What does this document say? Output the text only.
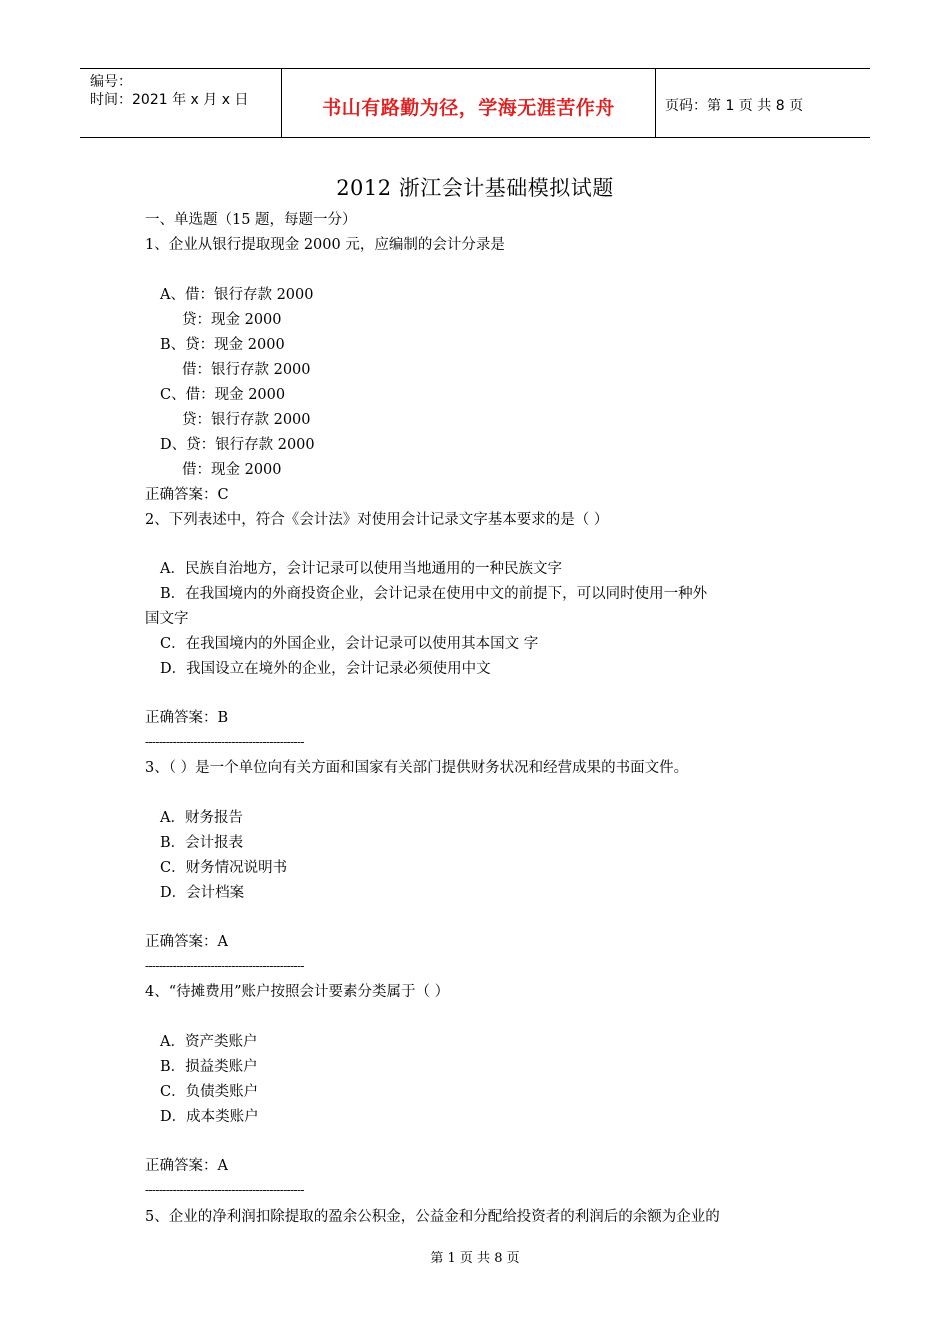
编号：
时间：2021 年 x 月 x 日	书山有路勤为径，学海无涯苦作舟	页码：第 1 页 共 8 页
2012 浙江会计基础模拟试题
一、单选题（15 题，每题一分）
1、企业从银行提取现金 2000 元，应编制的会计分录是
A、借：银行存款 2000
贷：现金 2000
B、贷：现金 2000
借：银行存款 2000
C、借：现金 2000
贷：银行存款 2000
D、贷：银行存款 2000
借：现金 2000
正确答案：C
2、下列表述中，符合《会计法》对使用会计记录文字基本要求的是（ ）
A．民族自治地方，会计记录可以使用当地通用的一种民族文字
B．在我国境内的外商投资企业，会计记录在使用中文的前提下，可以同时使用一种外
国文字
C．在我国境内的外国企业，会计记录可以使用其本国文 字
D．我国设立在境外的企业，会计记录必须使用中文
正确答案：B
----------------------------------------------
3、（ ）是一个单位向有关方面和国家有关部门提供财务状况和经营成果的书面文件。
A．财务报告
B．会计报表
C．财务情况说明书
D．会计档案
正确答案：A
----------------------------------------------
4、“待摊费用”账户按照会计要素分类属于（ ）
A．资产类账户
B．损益类账户
C．负债类账户
D．成本类账户
正确答案：A
----------------------------------------------
5、企业的净利润扣除提取的盈余公积金，公益金和分配给投资者的利润后的余额为企业的
第 1 页 共 8 页
